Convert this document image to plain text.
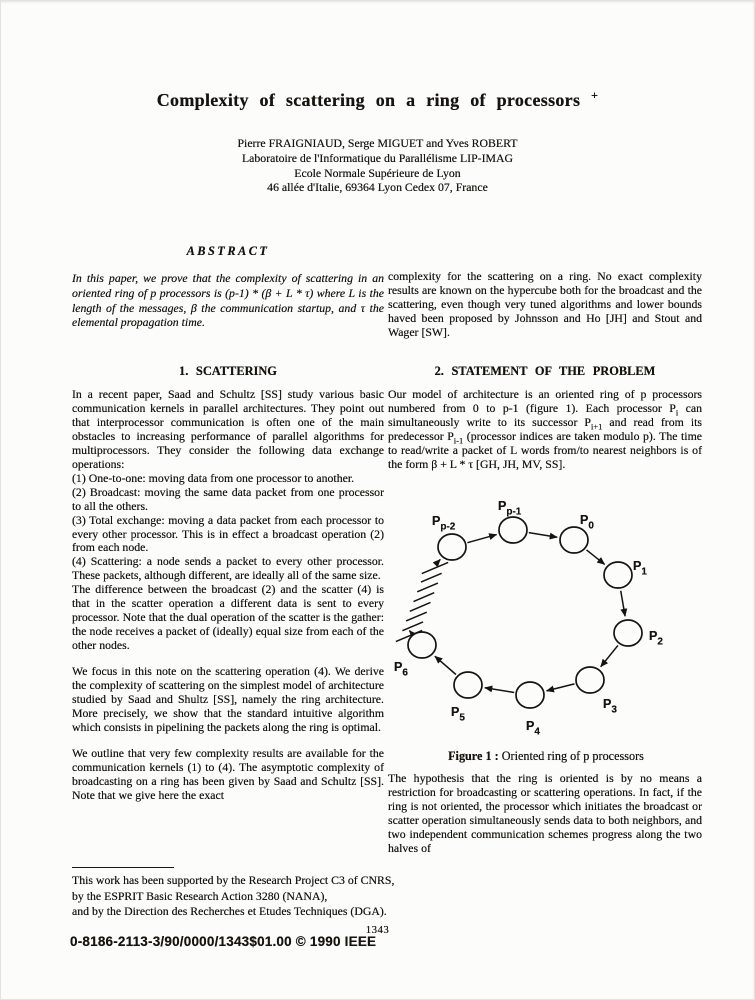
Complexity of scattering on a ring of processors +
Pierre FRAIGNIAUD, Serge MIGUET and Yves ROBERT
Laboratoire de l'Informatique du Parallélisme LIP-IMAG
Ecole Normale Supérieure de Lyon
46 allée d'Italie, 69364 Lyon Cedex 07, France
ABSTRACT

In this paper, we prove that the complexity of scattering in an oriented ring of p processors is (p-1) * (β + L * τ) where L is the length of the messages, β the communication startup, and τ the elemental propagation time.

1. SCATTERING

In a recent paper, Saad and Schultz [SS] study various basic communication kernels in parallel architectures. They point out that interprocessor communication is often one of the main obstacles to increasing performance of parallel algorithms for multiprocessors. They consider the following data exchange operations:

(1) One-to-one: moving data from one processor to another.

(2) Broadcast: moving the same data packet from one processor to all the others.

(3) Total exchange: moving a data packet from each processor to every other processor. This is in effect a broadcast operation (2) from each node.

(4) Scattering: a node sends a packet to every other processor. These packets, although different, are ideally all of the same size.

The difference between the broadcast (2) and the scatter (4) is that in the scatter operation a different data is sent to every processor. Note that the dual operation of the scatter is the gather: the node receives a packet of (ideally) equal size from each of the other nodes.

We focus in this note on the scattering operation (4). We derive the complexity of scattering on the simplest model of architecture studied by Saad and Shultz [SS], namely the ring architecture. More precisely, we show that the standard intuitive algorithm which consists in pipelining the packets along the ring is optimal.

We outline that very few complexity results are available for the communication kernels (1) to (4). The asymptotic complexity of broadcasting on a ring has been given by Saad and Schultz [SS]. Note that we give here the exact

2. STATEMENT OF THE PROBLEM

complexity for the scattering on a ring. No exact complexity results are known on the hypercube both for the broadcast and the scattering, even though very tuned algorithms and lower bounds haved been proposed by Johnsson and Ho [JH] and Stout and Wager [SW].

Our model of architecture is an oriented ring of p processors numbered from 0 to p-1 (figure 1). Each processor $P_i$ can simultaneously write to its successor $P_{i+1}$ and read from its predecessor $P_{i-1}$ (processor indices are taken modulo p). The time to read/write a packet of L words from/to nearest neighbors is of the form β + L * τ [GH, JH, MV, SS].

$P_{p-2}$
$P_{p-1}$
$P_0$
$P_1$
$P_2$
$P_3$
$P_4$
$P_5$
$P_6$
Figure 1 : Oriented ring of p processors

The hypothesis that the ring is oriented is by no means a restriction for broadcasting or scattering operations. In fact, if the ring is not oriented, the processor which initiates the broadcast or scatter operation simultaneously sends data to both neighbors, and two independent communication schemes progress along the two halves of

This work has been supported by the Research Project C3 of CNRS,
by the ESPRIT Basic Research Action 3280 (NANA),
and by the Direction des Recherches et Etudes Techniques (DGA).
1343
0-8186-2113-3/90/0000/1343$01.00 © 1990 IEEE
